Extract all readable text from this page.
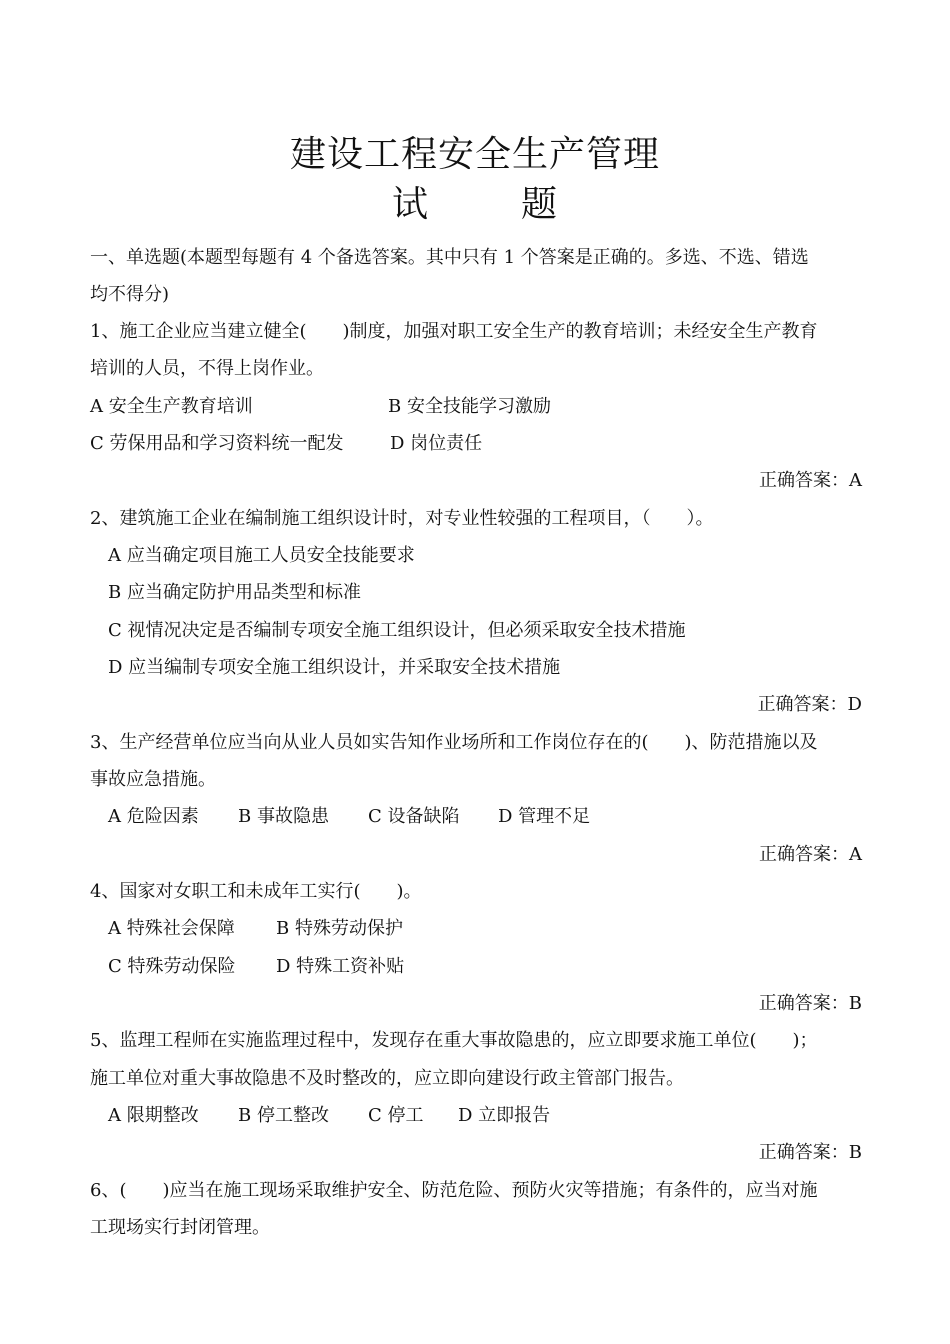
建设工程安全生产管理
试	题
一、单选题(本题型每题有 4 个备选答案。其中只有 1 个答案是正确的。多选、不选、错选
均不得分)
1、施工企业应当建立健全(　　)制度，加强对职工安全生产的教育培训；未经安全生产教育
培训的人员，不得上岗作业。
A 安全生产教育培训	B 安全技能学习激励
C 劳保用品和学习资料统一配发	D 岗位责任
正确答案：A
2、建筑施工企业在编制施工组织设计时，对专业性较强的工程项目，（　　）。
A 应当确定项目施工人员安全技能要求
B 应当确定防护用品类型和标准
C 视情况决定是否编制专项安全施工组织设计，但必须采取安全技术措施
D 应当编制专项安全施工组织设计，并采取安全技术措施
正确答案：D
3、生产经营单位应当向从业人员如实告知作业场所和工作岗位存在的(　　)、防范措施以及
事故应急措施。
A 危险因素 B 事故隐患 C 设备缺陷 D 管理不足
正确答案：A
4、国家对女职工和未成年工实行(　　)。
A 特殊社会保障 B 特殊劳动保护
C 特殊劳动保险 D 特殊工资补贴
正确答案：B
5、监理工程师在实施监理过程中，发现存在重大事故隐患的，应立即要求施工单位(　　)；
施工单位对重大事故隐患不及时整改的，应立即向建设行政主管部门报告。
A 限期整改 B 停工整改 C 停工 D 立即报告
正确答案：B
6、(　　)应当在施工现场采取维护安全、防范危险、预防火灾等措施；有条件的，应当对施
工现场实行封闭管理。
